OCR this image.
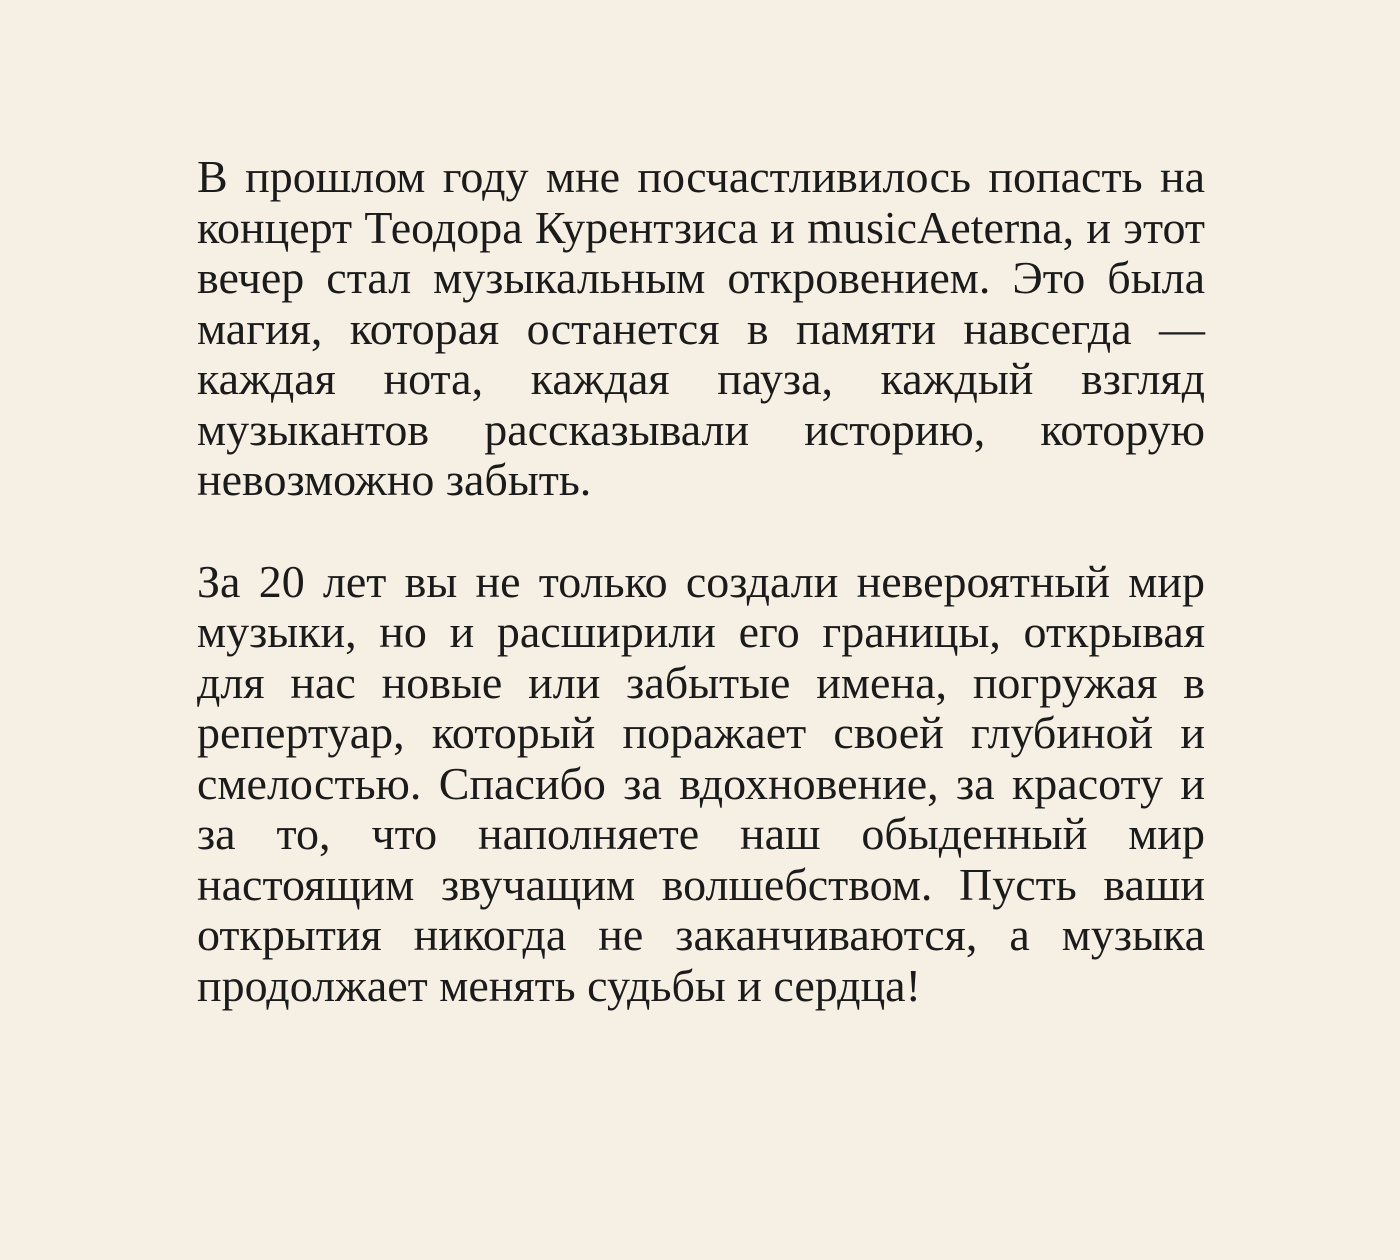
В прошлом году мне посчастливилось попасть на концерт Теодора Курентзиса и musicAeterna, и этот вечер стал музыкальным откровением. Это была магия, которая останется в памяти навсегда — каждая нота, каждая пауза, каждый взгляд музыкантов рассказывали историю, которую невозможно забыть.

За 20 лет вы не только создали невероятный мир музыки, но и расширили его границы, открывая для нас новые или забытые имена, погружая в репертуар, который поражает своей глубиной и смелостью. Спасибо за вдохновение, за красоту и за то, что наполняете наш обыденный мир настоящим звучащим волшебством. Пусть ваши открытия никогда не заканчиваются, а музыка продолжает менять судьбы и сердца!
